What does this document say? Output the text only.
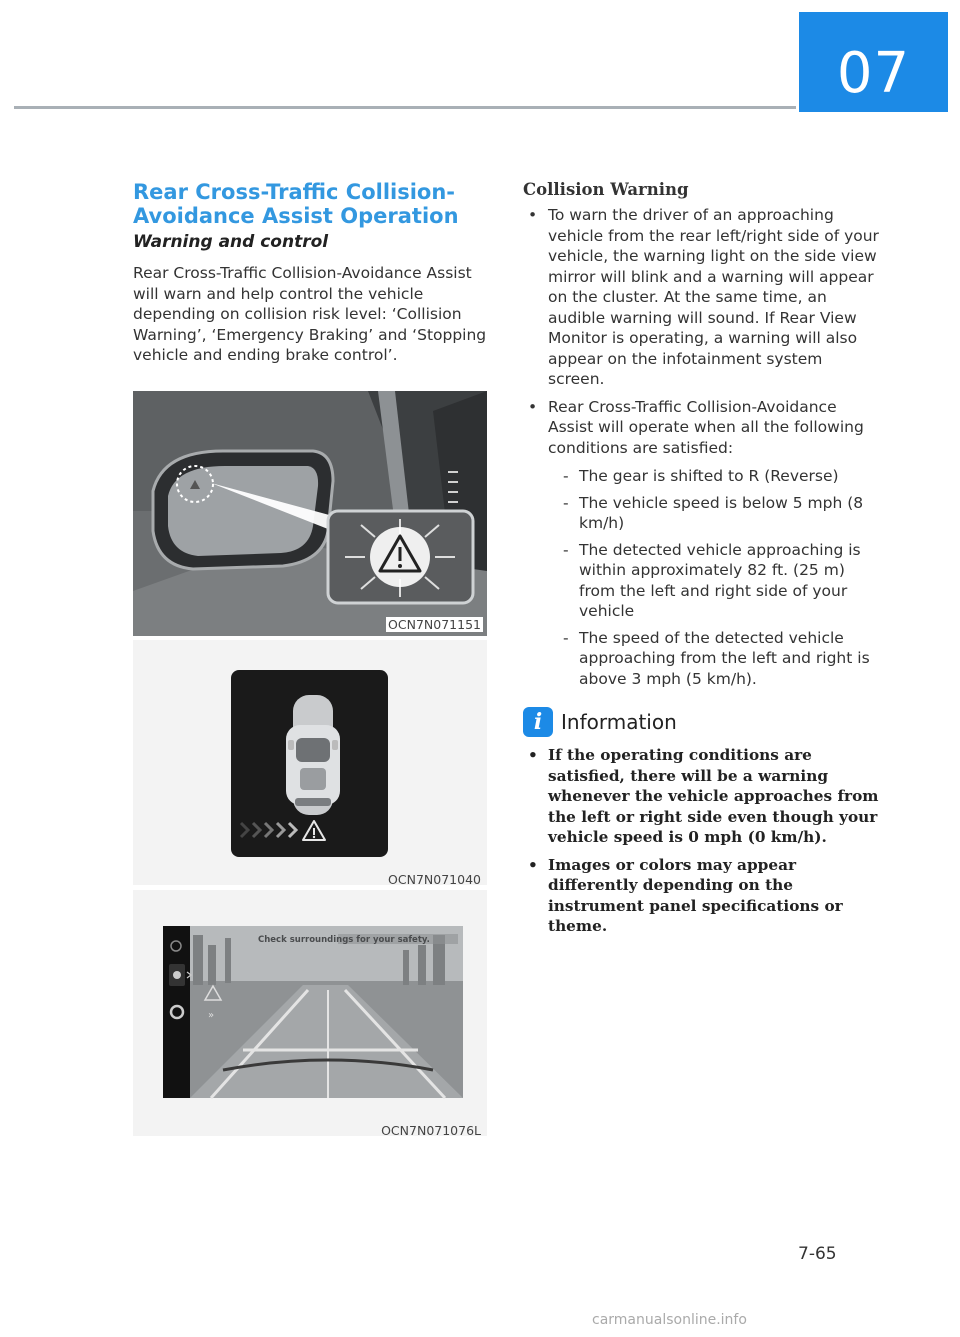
07
Rear Cross-Traffic Collision-Avoidance Assist Operation
Warning and control

Rear Cross-Traffic Collision-Avoidance Assist will warn and help control the vehicle depending on collision risk level: ‘Collision Warning’, ‘Emergency Braking’ and ‘Stopping vehicle and ending brake control’.

OCN7N071151
OCN7N071040
Check surroundings for your safety.
»
OCN7N071076L
Collision Warning
• To warn the driver of an approaching vehicle from the rear left/right side of your vehicle, the warning light on the side view mirror will blink and a warning will appear on the cluster. At the same time, an audible warning will sound. If Rear View Monitor is operating, a warning will also appear on the infotainment system screen.
• Rear Cross-Traffic Collision-Avoidance Assist will operate when all the following conditions are satisfied:
- The gear is shifted to R (Reverse)
- The vehicle speed is below 5 mph (8 km/h)
- The detected vehicle approaching is within approximately 82 ft. (25 m) from the left and right side of your vehicle
- The speed of the detected vehicle approaching from the left and right is above 3 mph (5 km/h).
i Information
• If the operating conditions are satisfied, there will be a warning whenever the vehicle approaches from the left or right side even though your vehicle speed is 0 mph (0 km/h).
• Images or colors may appear differently depending on the instrument panel specifications or theme.
7-65
carmanualsonline.info
